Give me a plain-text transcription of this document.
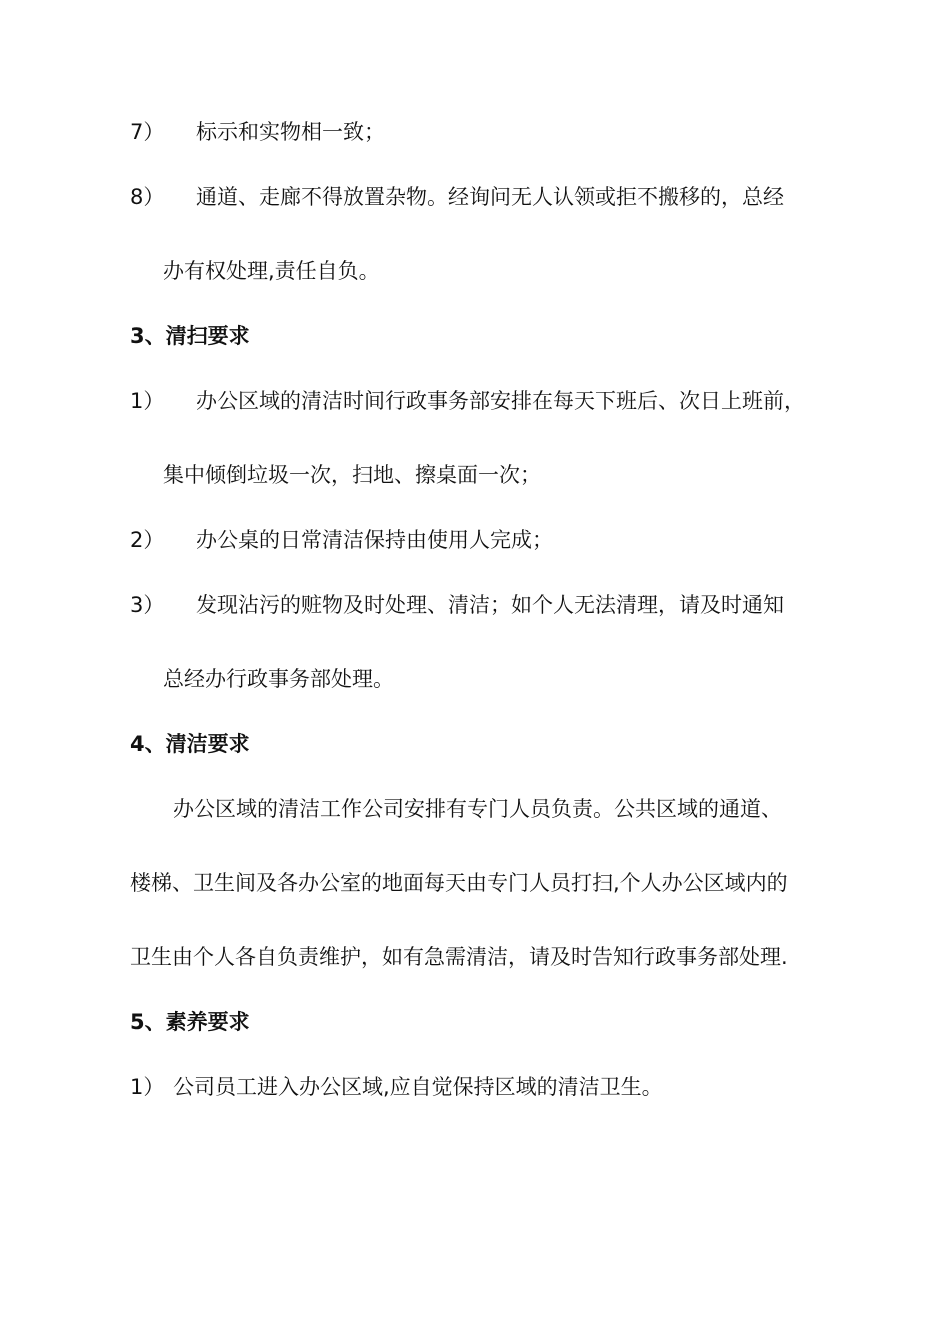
7） 标示和实物相一致；
8） 通道、走廊不得放置杂物。经询问无人认领或拒不搬移的，总经
办有权处理,责任自负。
3、清扫要求
1） 办公区域的清洁时间行政事务部安排在每天下班后、次日上班前，
集中倾倒垃圾一次，扫地、擦桌面一次；
2） 办公桌的日常清洁保持由使用人完成；
3） 发现沾污的赃物及时处理、清洁；如个人无法清理，请及时通知
总经办行政事务部处理。
4、清洁要求
办公区域的清洁工作公司安排有专门人员负责。公共区域的通道、
楼梯、卫生间及各办公室的地面每天由专门人员打扫,个人办公区域内的
卫生由个人各自负责维护，如有急需清洁，请及时告知行政事务部处理.
5、素养要求
1） 公司员工进入办公区域,应自觉保持区域的清洁卫生。
